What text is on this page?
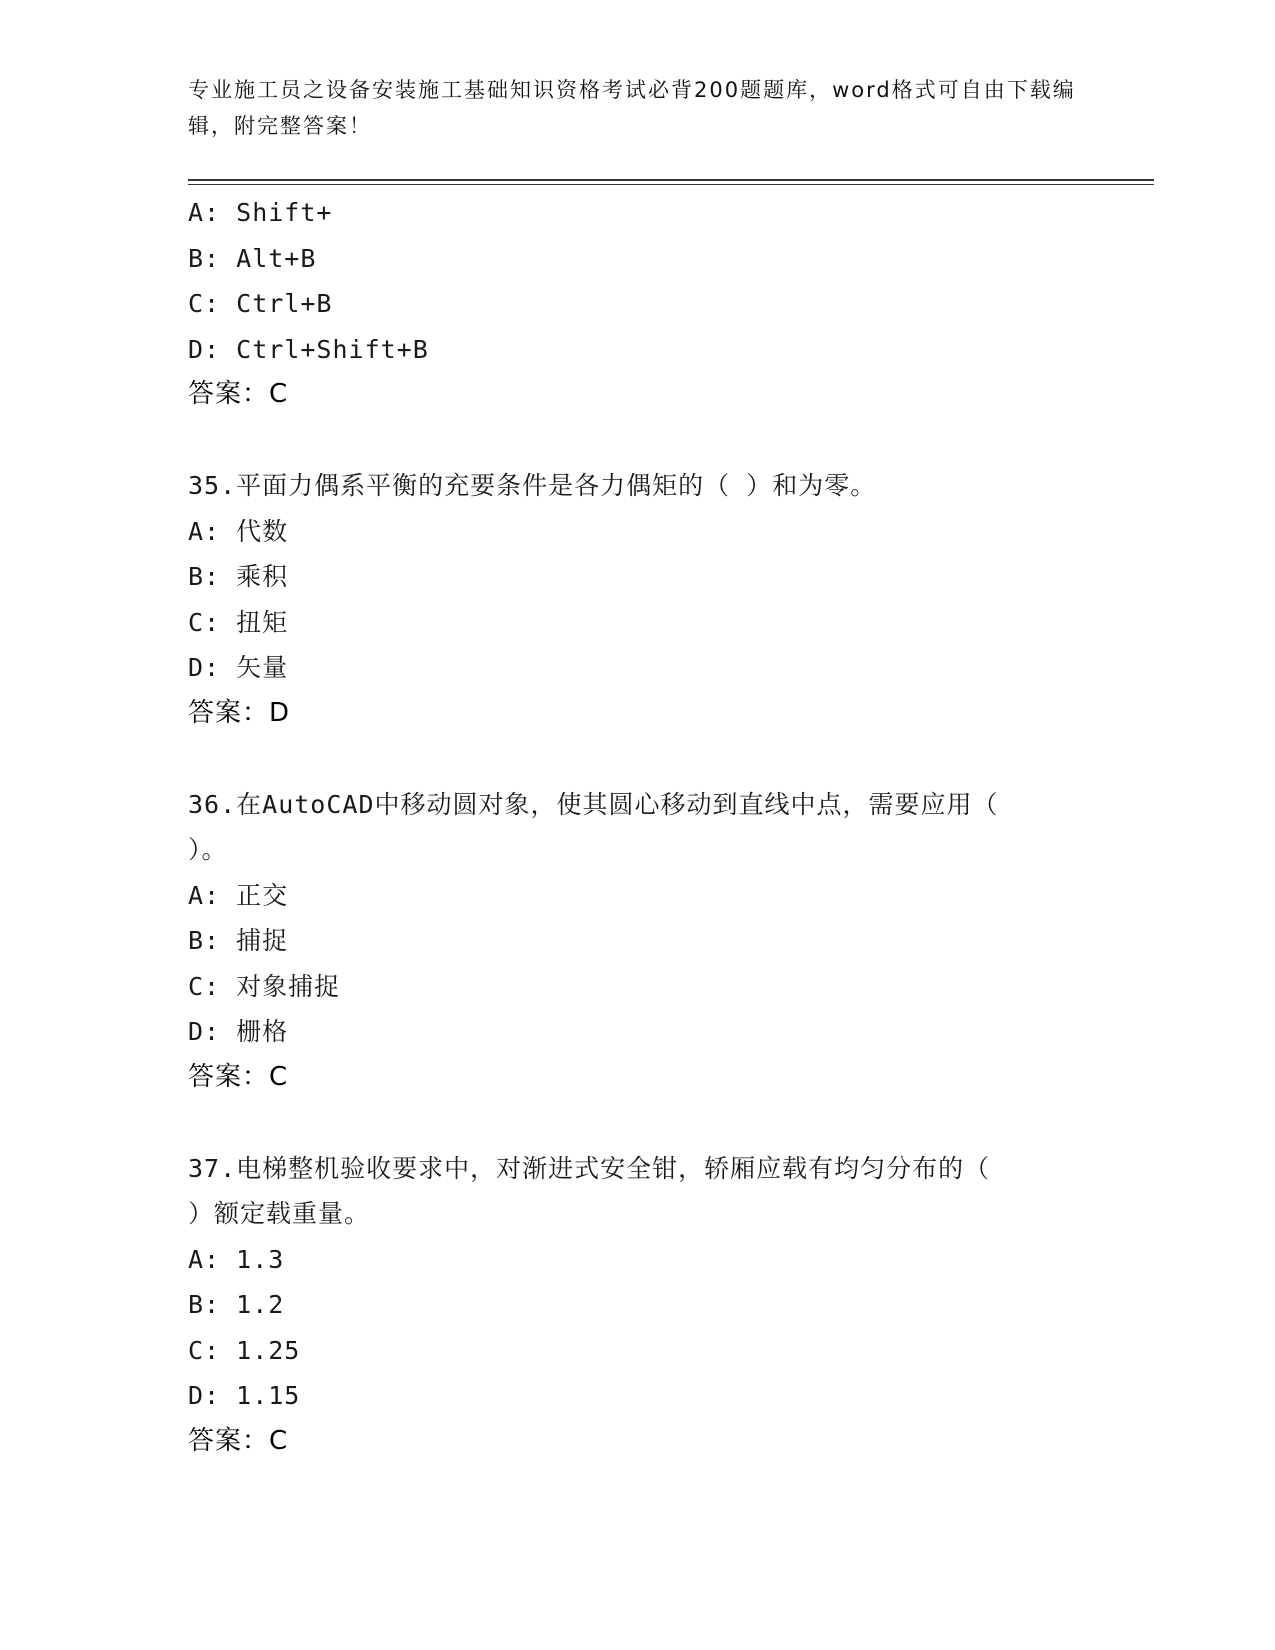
专业施工员之设备安装施工基础知识资格考试必背200题题库，word格式可自由下载编辑，附完整答案！
A: Shift+
B: Alt+B
C: Ctrl+B
D: Ctrl+Shift+B
答案：C
35.平面力偶系平衡的充要条件是各力偶矩的（ ）和为零。
A: 代数
B: 乘积
C: 扭矩
D: 矢量
答案：D
36.在AutoCAD中移动圆对象，使其圆心移动到直线中点，需要应用（
）。
A: 正交
B: 捕捉
C: 对象捕捉
D: 栅格
答案：C
37.电梯整机验收要求中，对渐进式安全钳，轿厢应载有均匀分布的（
）额定载重量。
A: 1.3
B: 1.2
C: 1.25
D: 1.15
答案：C
